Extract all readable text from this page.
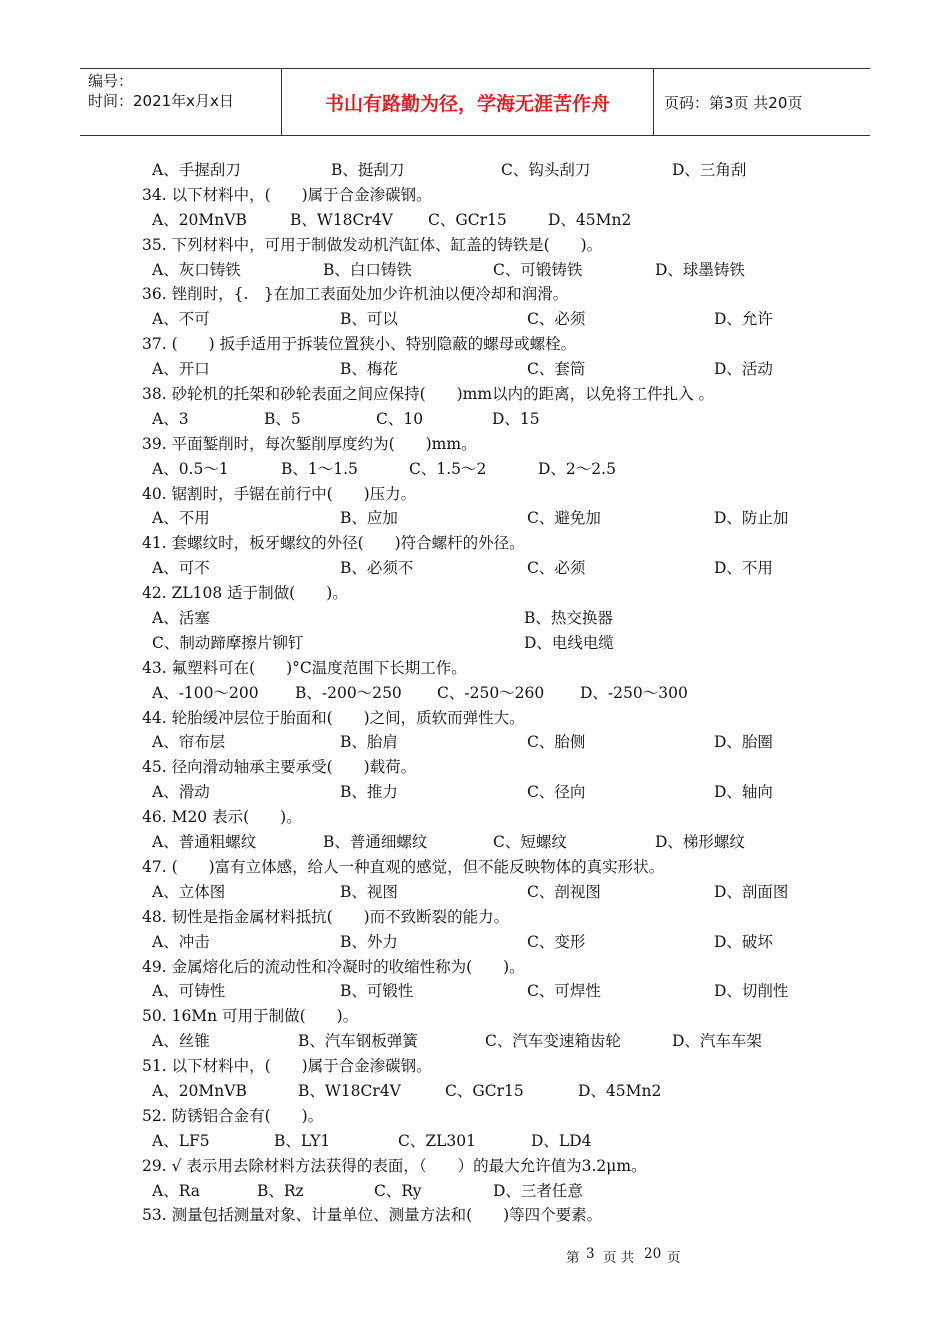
编号：
时间：2021年x月x日	书山有路勤为径，学海无涯苦作舟	页码：第3页 共20页
A、手握刮刀	B、挺刮刀	C、钩头刮刀	D、三角刮
34. 以下材料中，(　　)属于合金渗碳钢。
A、20MnVB	B、W18Cr4V C、GCr15	D、45Mn2
35. 下列材料中，可用于制做发动机汽缸体、缸盖的铸铁是(　　)。
A、灰口铸铁	B、白口铸铁	C、可锻铸铁	D、球墨铸铁
36. 锉削时，{.　}在加工表面处加少许机油以便冷却和润滑。
A、不可	B、可以	C、必须	D、允许
37. (　　) 扳手适用于拆装位置狭小、特别隐蔽的螺母或螺栓。
A、开口	B、梅花	C、套筒	D、活动
38. 砂轮机的托架和砂轮表面之间应保持(　　)mm以内的距离，以免将工件扎入 。
A、3	B、5	C、10	D、15
39. 平面錾削时，每次錾削厚度约为(　　)mm。
A、0.5～1	B、1～1.5	C、1.5～2	D、2～2.5
40. 锯割时，手锯在前行中(　　)压力。
A、不用	B、应加	C、避免加	D、防止加
41. 套螺纹时，板牙螺纹的外径(　　)符合螺杆的外径。
A、可不	B、必须不	C、必须	D、不用
42. ZL108 适于制做(　　)。
A、活塞	B、热交换器
C、制动蹄摩擦片铆钉	D、电线电缆
43. 氟塑料可在(　　)°C温度范围下长期工作。
A、-100～200 B、-200～250 C、-250～260 D、-250～300
44. 轮胎缓冲层位于胎面和(　　)之间，质软而弹性大。
A、帘布层	B、胎肩	C、胎侧	D、胎圈
45. 径向滑动轴承主要承受(　　)载荷。
A、滑动	B、推力	C、径向	D、轴向
46. M20 表示(　　)。
A、普通粗螺纹	B、普通细螺纹	C、短螺纹	D、梯形螺纹
47. (　　)富有立体感，给人一种直观的感觉，但不能反映物体的真实形状。
A、立体图	B、视图	C、剖视图	D、剖面图
48. 韧性是指金属材料抵抗(　　)而不致断裂的能力。
A、冲击	B、外力	C、变形	D、破坏
49. 金属熔化后的流动性和冷凝时的收缩性称为(　　)。
A、可铸性	B、可锻性	C、可焊性	D、切削性
50. 16Mn 可用于制做(　　)。
A、丝锥	B、汽车钢板弹簧	C、汽车变速箱齿轮	D、汽车车架
51. 以下材料中，(　　)属于合金渗碳钢。
A、20MnVB	B、W18Cr4V	C、GCr15	D、45Mn2
52. 防锈铝合金有(　　)。
A、LF5	B、LY1	C、ZL301	D、LD4
29. √ 表示用去除材料方法获得的表面，（　　）的最大允许值为3.2μm。
A、Ra	B、Rz	C、Ry	D、三者任意
53. 测量包括测量对象、计量单位、测量方法和(　　)等四个要素。
第 3 页 共 20 页
